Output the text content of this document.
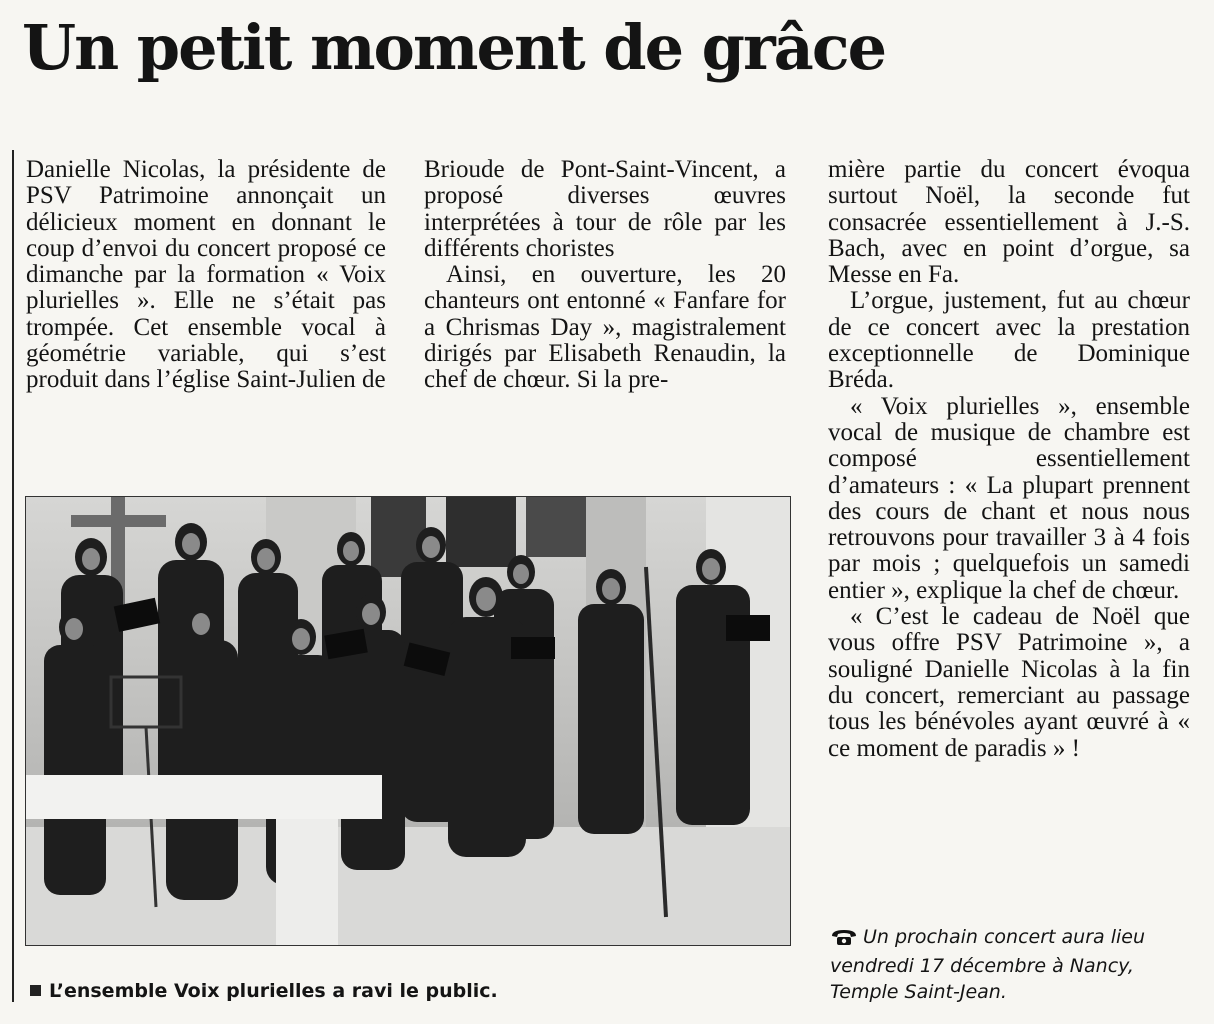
Un petit moment de grâce

Danielle Nicolas, la présidente de PSV Patrimoine annonçait un délicieux moment en donnant le coup d’envoi du concert proposé ce dimanche par la formation « Voix plurielles ». Elle ne s’était pas trompée. Cet ensemble vocal à géométrie variable, qui s’est produit dans l’église Saint-Julien de

Brioude de Pont-Saint-Vincent, a proposé diverses œuvres interprétées à tour de rôle par les différents choristes

Ainsi, en ouverture, les 20 chanteurs ont entonné « Fanfare for a Chrismas Day », magistralement dirigés par Elisabeth Renaudin, la chef de chœur. Si la pre-

mière partie du concert évoqua surtout Noël, la seconde fut consacrée essentiellement à J.-S. Bach, avec en point d’orgue, sa Messe en Fa.

L’orgue, justement, fut au chœur de ce concert avec la prestation exceptionnelle de Dominique Bréda.

« Voix plurielles », ensemble vocal de musique de chambre est composé essentiellement d’amateurs : « La plupart prennent des cours de chant et nous nous retrouvons pour travailler 3 à 4 fois par mois ; quelquefois un samedi entier », explique la chef de chœur.

« C’est le cadeau de Noël que vous offre PSV Patrimoine », a souligné Danielle Nicolas à la fin du concert, remerciant au passage tous les bénévoles ayant œuvré à « ce moment de paradis » !

L’ensemble Voix plurielles a ravi le public.

Un prochain concert aura lieu vendredi 17 décembre à Nancy, Temple Saint-Jean.
